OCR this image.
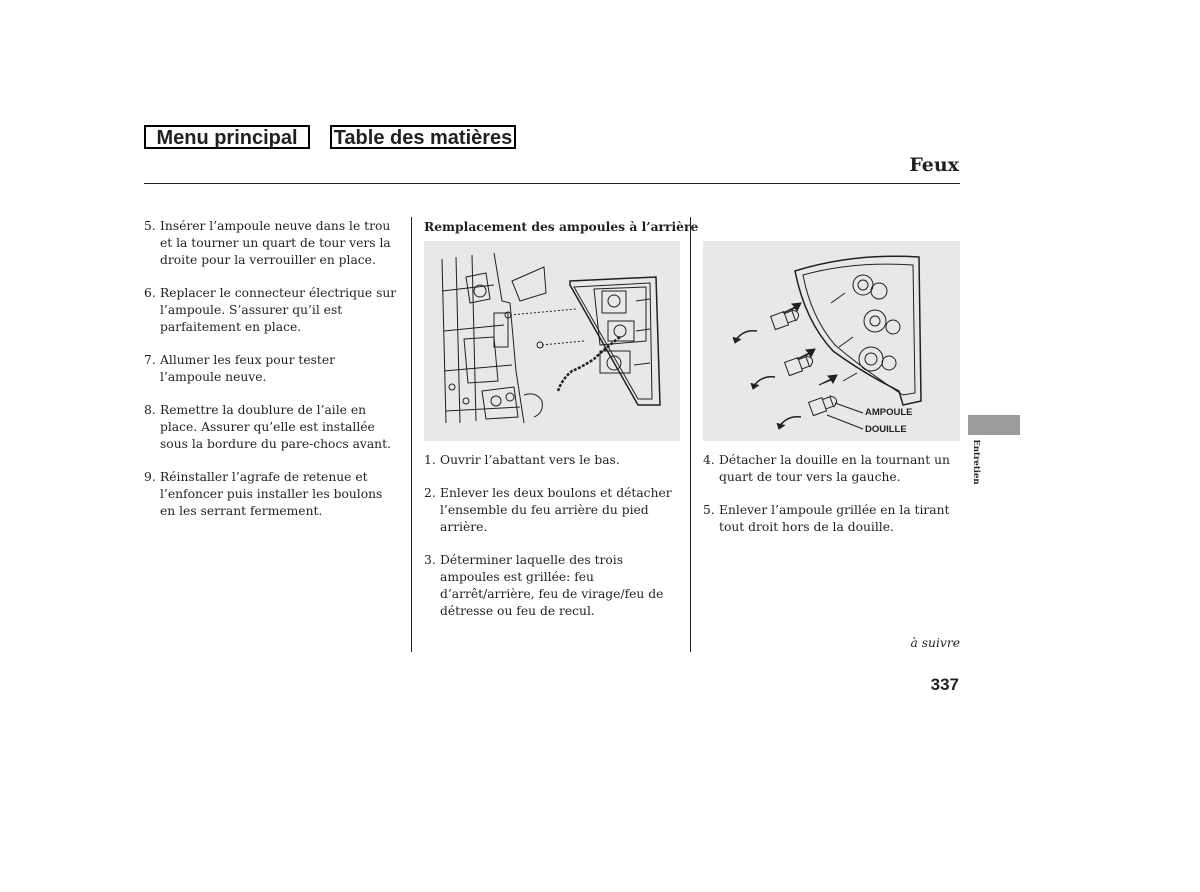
Menu principal	Table des matières
Feux
5. Insérer l’ampoule neuve dans le trou et la tourner un quart de tour vers la droite pour la verrouiller en place.
6. Replacer le connecteur électrique sur l’ampoule. S’assurer qu’il est parfaitement en place.
7. Allumer les feux pour tester l’ampoule neuve.
8. Remettre la doublure de l’aile en place. Assurer qu’elle est installée sous la bordure du pare-chocs avant.
9. Réinstaller l’agrafe de retenue et l’enfoncer puis installer les boulons en les serrant fermement.
Remplacement des ampoules à l’arrière
AMPOULE
DOUILLE
1. Ouvrir l’abattant vers le bas.
2. Enlever les deux boulons et détacher l’ensemble du feu arrière du pied arrière.
3. Déterminer laquelle des trois ampoules est grillée: feu d’arrêt/arrière, feu de virage/feu de détresse ou feu de recul.
4. Détacher la douille en la tournant un quart de tour vers la gauche.
5. Enlever l’ampoule grillée en la tirant tout droit hors de la douille.
Entretien
à suivre
337
